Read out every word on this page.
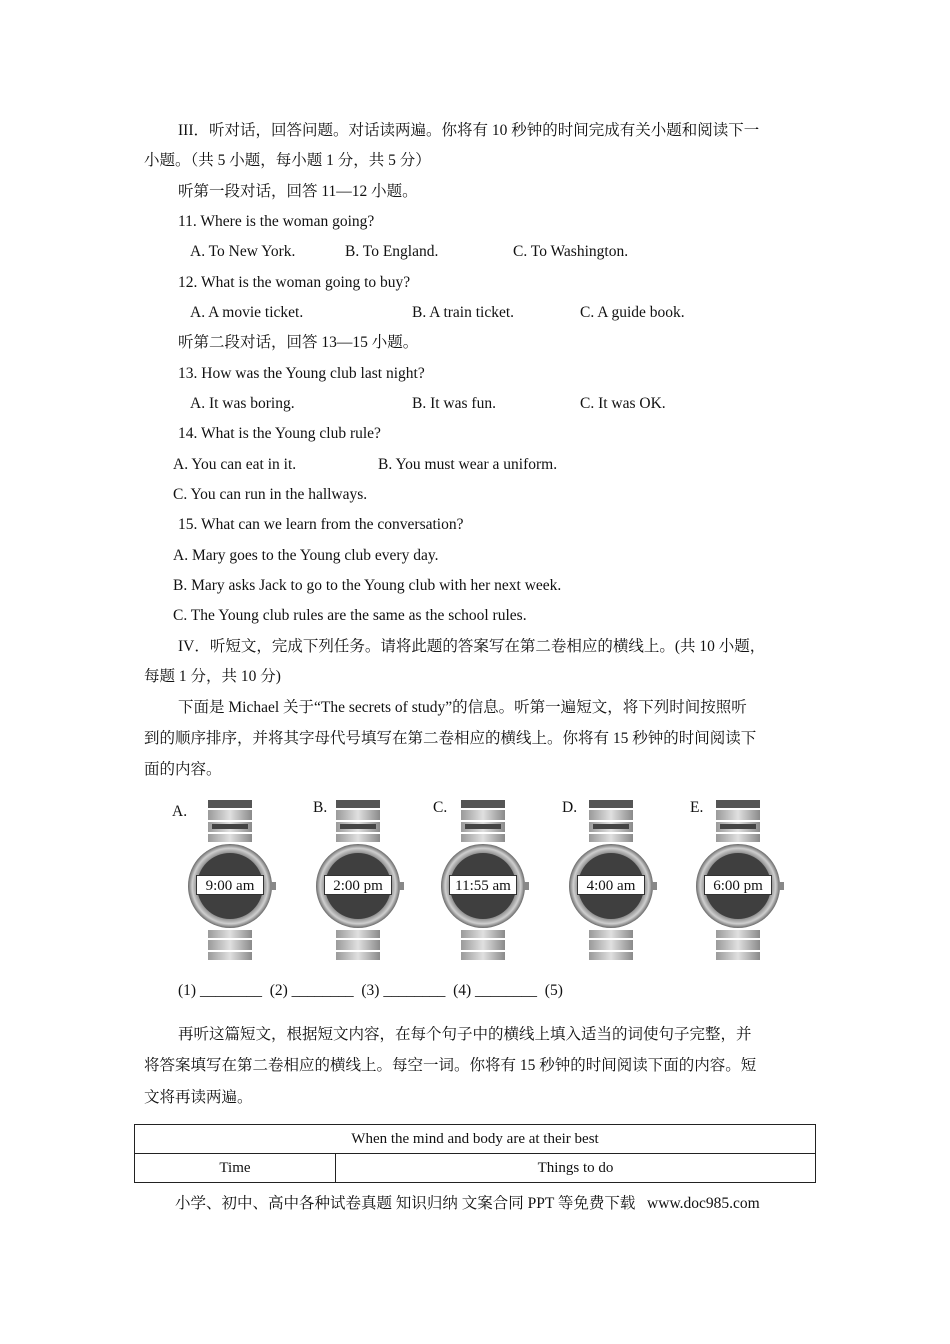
III．听对话，回答问题。对话读两遍。你将有 10 秒钟的时间完成有关小题和阅读下一
小题。（共 5 小题，每小题 1 分，共 5 分）
听第一段对话，回答 11—12 小题。
11. Where is the woman going?
A. To New York.	B. To England.	C. To Washington.
12. What is the woman going to buy?
A. A movie ticket.	B. A train ticket.	C. A guide book.
听第二段对话，回答 13—15 小题。
13. How was the Young club last night?
A. It was boring.	B. It was fun.	C. It was OK.
14. What is the Young club rule?
A. You can eat in it.	B. You must wear a uniform.
C. You can run in the hallways.
15. What can we learn from the conversation?
A. Mary goes to the Young club every day.
B. Mary asks Jack to go to the Young club with her next week.
C. The Young club rules are the same as the school rules.
IV．听短文，完成下列任务。请将此题的答案写在第二卷相应的横线上。(共 10 小题，
每题 1 分，共 10 分)
下面是 Michael 关于“The secrets of study”的信息。听第一遍短文，将下列时间按照听
到的顺序排序，并将其字母代号填写在第二卷相应的横线上。你将有 15 秒钟的时间阅读下
面的内容。
A.	B.	C.	D.	E.
9:00 am	2:00 pm	11:55 am	4:00 am	6:00 pm
(1) ________  (2) ________  (3) ________  (4) ________  (5)
再听这篇短文，根据短文内容，在每个句子中的横线上填入适当的词使句子完整，并
将答案填写在第二卷相应的横线上。每空一词。你将有 15 秒钟的时间阅读下面的内容。短
文将再读两遍。
When the mind and body are at their best
Time	Things to do
小学、初中、高中各种试卷真题 知识归纳 文案合同 PPT 等免费下载   www.doc985.com
